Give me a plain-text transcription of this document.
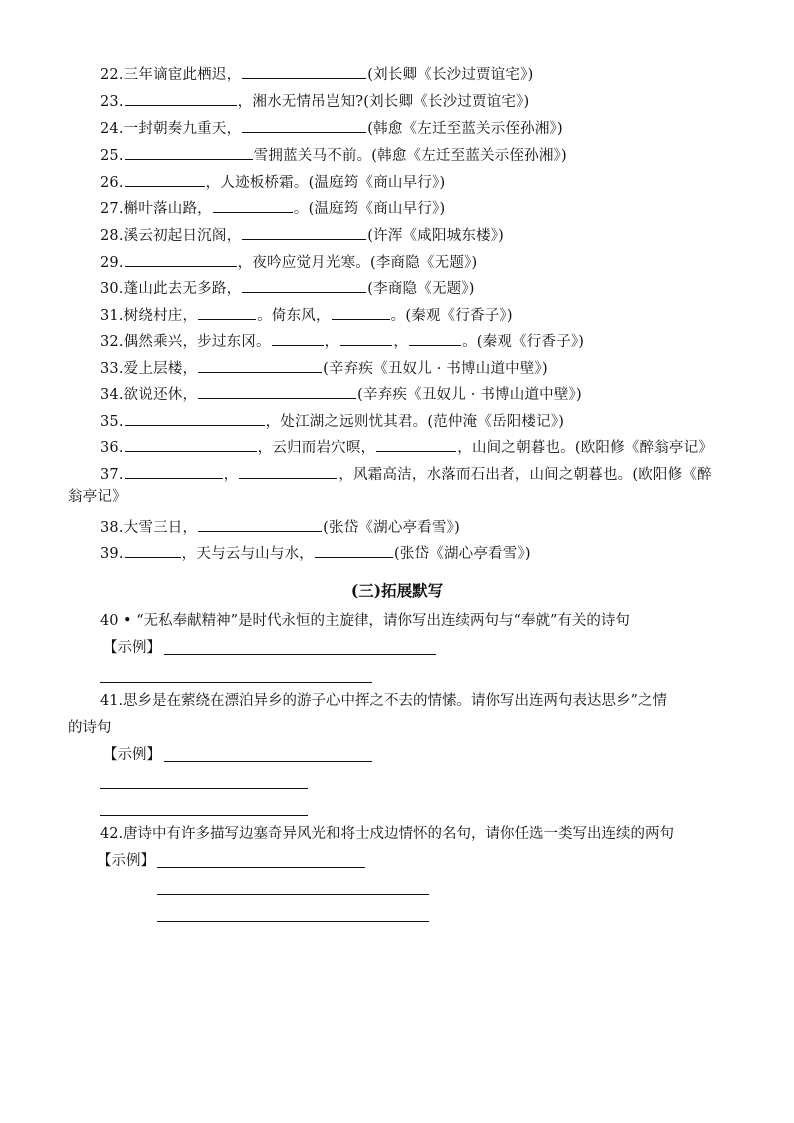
22.三年谪宦此栖迟，	(刘长卿《长沙过贾谊宅》)
23.	，湘水无情吊岂知?(刘长卿《长沙过贾谊宅》)
24.一封朝奏九重天，	(韩愈《左迁至蓝关示侄孙湘》)
25.	雪拥蓝关马不前。(韩愈《左迁至蓝关示侄孙湘》)
26.	，人迹板桥霜。(温庭筠《商山早行》)
27.槲叶落山路，	。(温庭筠《商山早行》)
28.溪云初起日沉阁，	(许浑《咸阳城东楼》)
29.	，夜吟应觉月光寒。(李商隐《无题》)
30.蓬山此去无多路，	(李商隐《无题》)
31.树绕村庄，	。倚东风，	。(秦观《行香子》)
32.偶然乘兴，步过东冈。	，	，	。(秦观《行香子》)
33.爱上层楼，	(辛弃疾《丑奴儿 · 书博山道中壁》)
34.欲说还休，	(辛弃疾《丑奴儿 · 书博山道中壁》)
35.	，处江湖之远则忧其君。(范仲淹《岳阳楼记》)
36.	，云归而岩穴暝，	，山间之朝暮也。(欧阳修《醉翁亭记》
37.	，	，风霜高洁，水落而石出者，山间之朝暮也。(欧阳修《醉
翁亭记》
38.大雪三日，	(张岱《湖心亭看雪》)
39.	，天与云与山与水，	(张岱《湖心亭看雪》)
(三)拓展默写
40 • “无私奉献精神”是时代永恒的主旋律，请你写出连续两句与“奉就”有关的诗句
【示例】
41.思乡是在萦绕在漂泊异乡的游子心中挥之不去的情愫。请你写出连两句表达思乡”之情
的诗句
【示例】
42.唐诗中有许多描写边塞奇异风光和将士戍边情怀的名句，请你任选一类写出连续的两句
【示例】
